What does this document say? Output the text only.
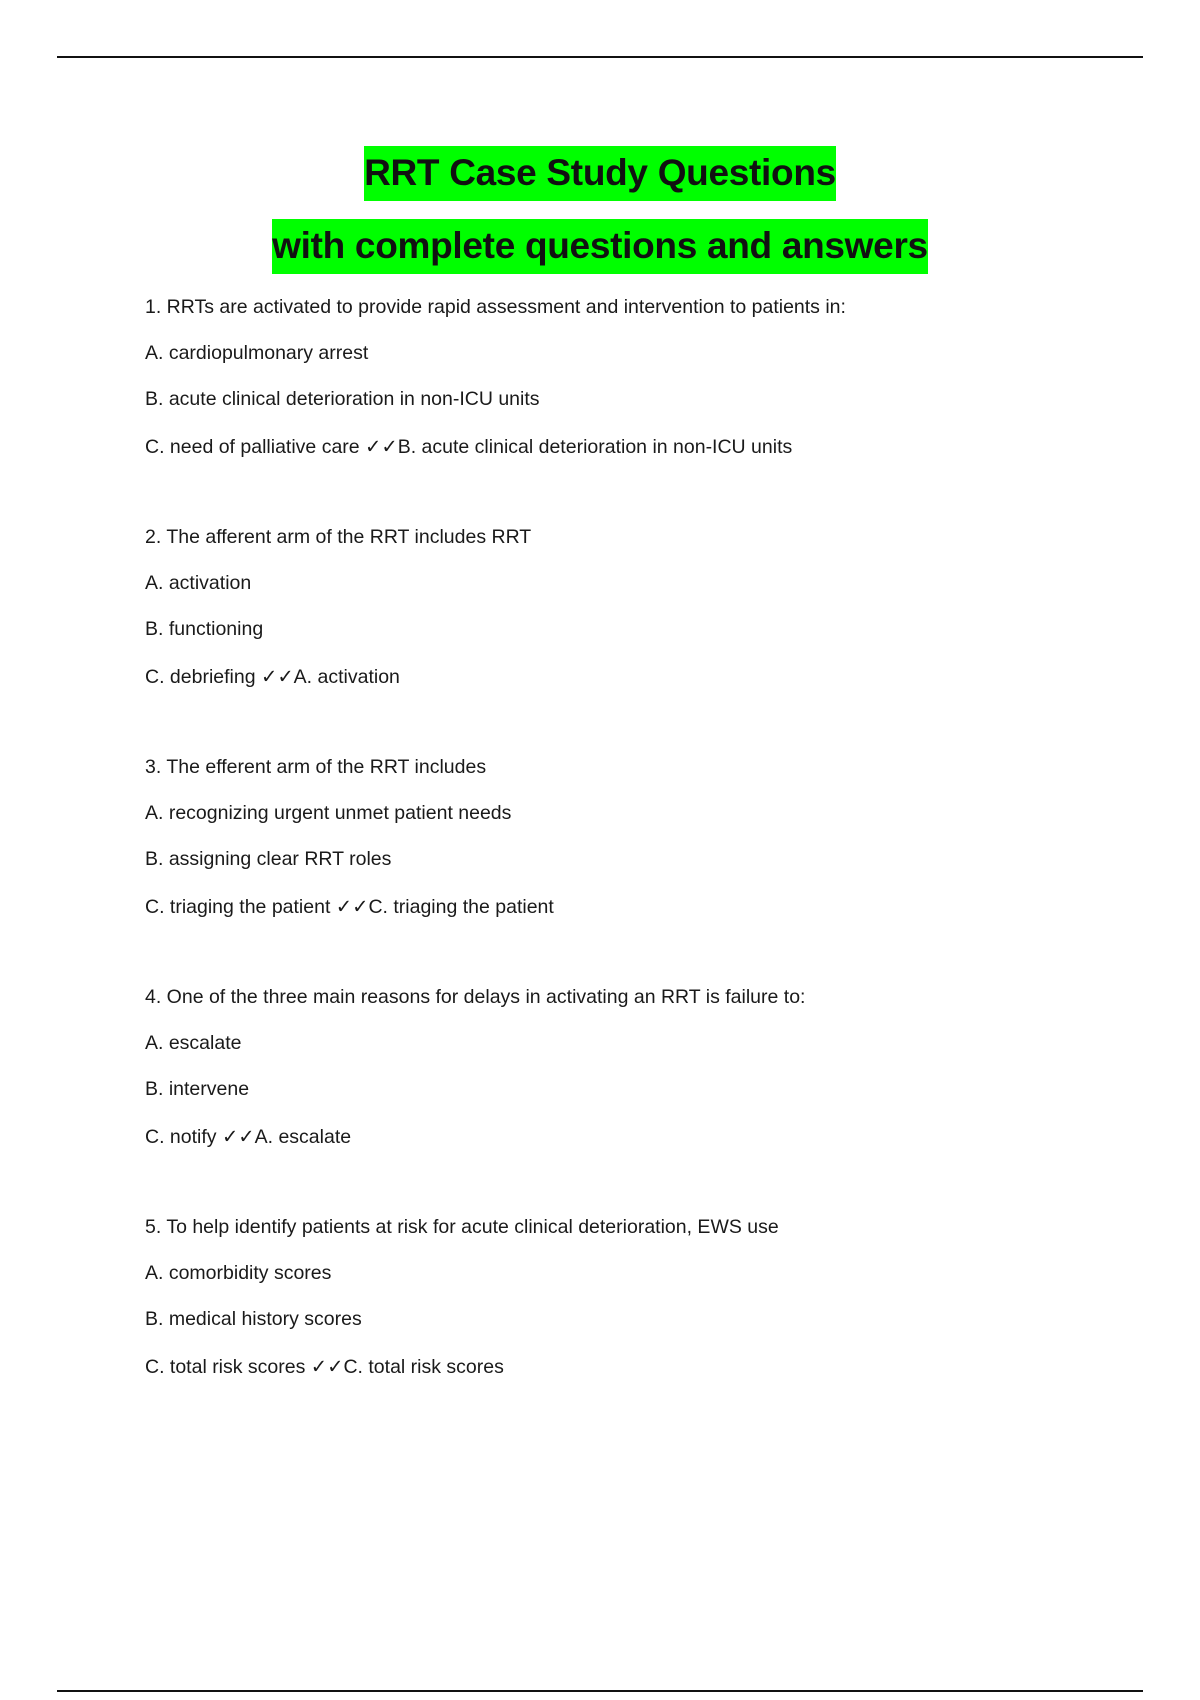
RRT Case Study Questions
with complete questions and answers
1. RRTs are activated to provide rapid assessment and intervention to patients in:
A. cardiopulmonary arrest
B. acute clinical deterioration in non-ICU units
C. need of palliative care ✓✓B. acute clinical deterioration in non-ICU units
2. The afferent arm of the RRT includes RRT
A. activation
B. functioning
C. debriefing ✓✓A. activation
3. The efferent arm of the RRT includes
A. recognizing urgent unmet patient needs
B. assigning clear RRT roles
C. triaging the patient ✓✓C. triaging the patient
4. One of the three main reasons for delays in activating an RRT is failure to:
A. escalate
B. intervene
C. notify ✓✓A. escalate
5. To help identify patients at risk for acute clinical deterioration, EWS use
A. comorbidity scores
B. medical history scores
C. total risk scores ✓✓C. total risk scores
